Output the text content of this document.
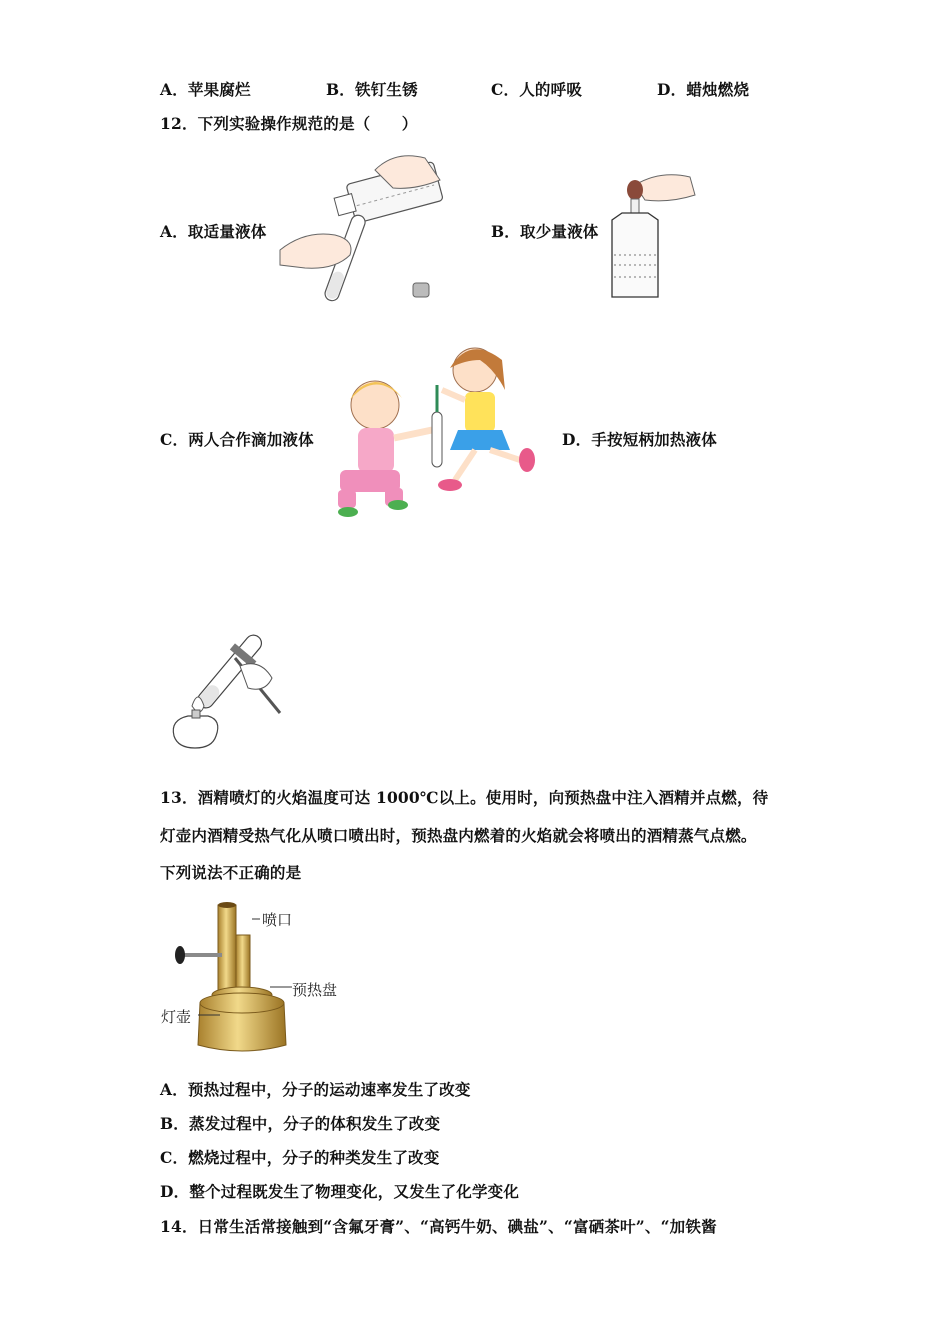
A．苹果腐烂	B．铁钉生锈	C．人的呼吸	D．蜡烛燃烧
12．下列实验操作规范的是（　　）
A．取适量液体	B．取少量液体
C．两人合作滴加液体	D．手按短柄加热液体
13．酒精喷灯的火焰温度可达 1000℃以上。使用时，向预热盘中注入酒精并点燃，待
灯壶内酒精受热气化从喷口喷出时，预热盘内燃着的火焰就会将喷出的酒精蒸气点燃。
下列说法不正确的是
喷口
预热盘
灯壶
A．预热过程中，分子的运动速率发生了改变
B．蒸发过程中，分子的体积发生了改变
C．燃烧过程中，分子的种类发生了改变
D．整个过程既发生了物理变化，又发生了化学变化
14．日常生活常接触到“含氟牙膏”、“高钙牛奶、碘盐”、“富硒茶叶”、“加铁酱
